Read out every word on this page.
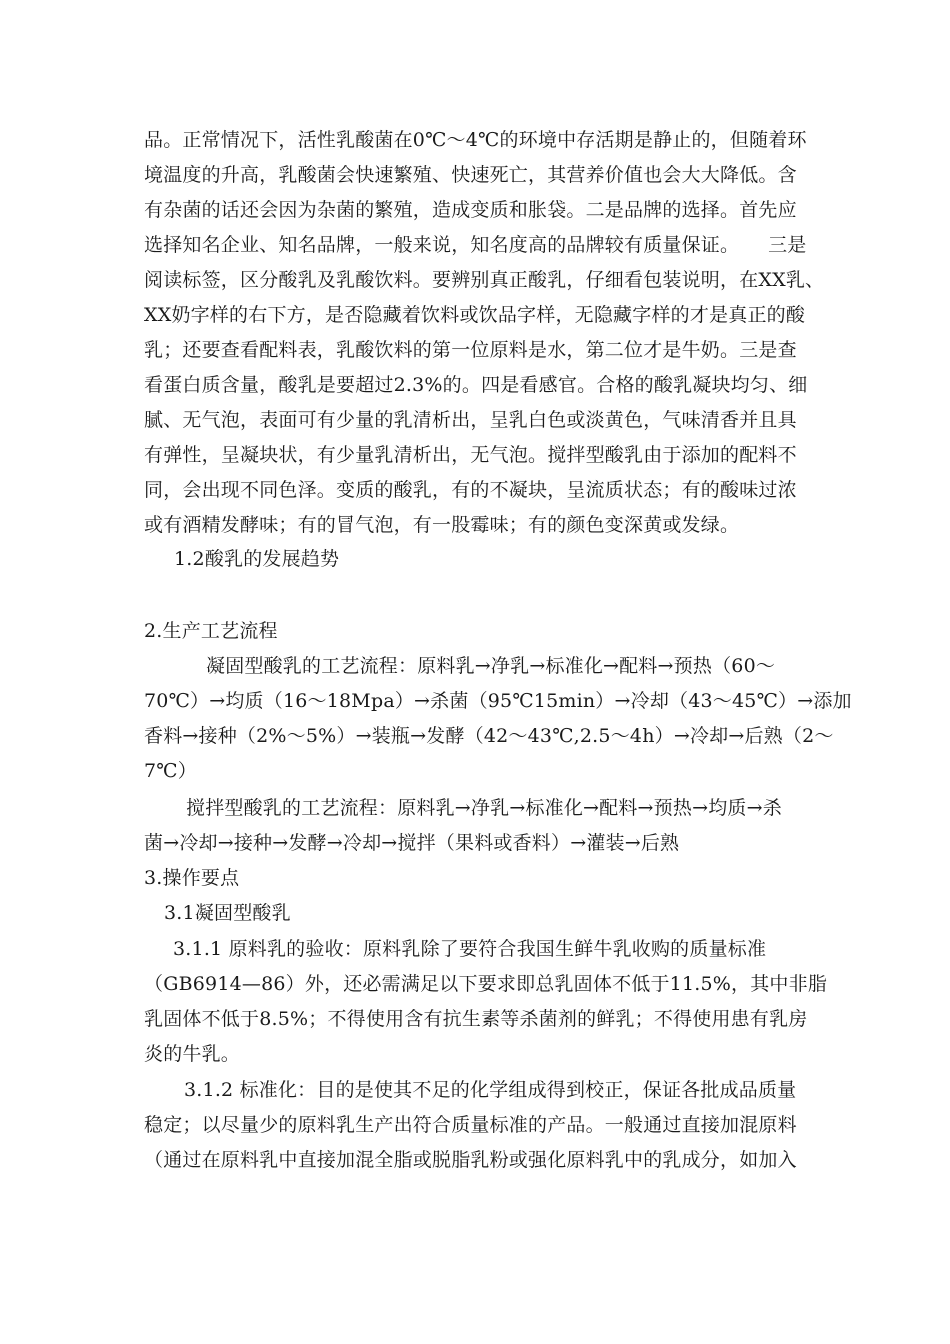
品。正常情况下，活性乳酸菌在0℃～4℃的环境中存活期是静止的，但随着环
境温度的升高，乳酸菌会快速繁殖、快速死亡，其营养价值也会大大降低。含
有杂菌的话还会因为杂菌的繁殖，造成变质和胀袋。二是品牌的选择。首先应
选择知名企业、知名品牌，一般来说，知名度高的品牌较有质量保证。　　三是
阅读标签，区分酸乳及乳酸饮料。要辨别真正酸乳，仔细看包装说明，在XX乳、
XX奶字样的右下方，是否隐藏着饮料或饮品字样，无隐藏字样的才是真正的酸
乳；还要查看配料表，乳酸饮料的第一位原料是水，第二位才是牛奶。三是查
看蛋白质含量，酸乳是要超过2.3%的。四是看感官。合格的酸乳凝块均匀、细
腻、无气泡，表面可有少量的乳清析出，呈乳白色或淡黄色，气味清香并且具
有弹性，呈凝块状，有少量乳清析出，无气泡。搅拌型酸乳由于添加的配料不
同，会出现不同色泽。变质的酸乳，有的不凝块，呈流质状态；有的酸味过浓
或有酒精发酵味；有的冒气泡，有一股霉味；有的颜色变深黄或发绿。
1.2酸乳的发展趋势
2.生产工艺流程
凝固型酸乳的工艺流程：原料乳→净乳→标准化→配料→预热（60～
70℃）→均质（16～18Mpa）→杀菌（95℃15min）→冷却（43～45℃）→添加
香料→接种（2%～5%）→装瓶→发酵（42～43℃,2.5～4h）→冷却→后熟（2～
7℃）
搅拌型酸乳的工艺流程：原料乳→净乳→标准化→配料→预热→均质→杀
菌→冷却→接种→发酵→冷却→搅拌（果料或香料）→灌装→后熟
3.操作要点
3.1凝固型酸乳
3.1.1 原料乳的验收：原料乳除了要符合我国生鲜牛乳收购的质量标准
（GB6914—86）外，还必需满足以下要求即总乳固体不低于11.5%，其中非脂
乳固体不低于8.5%；不得使用含有抗生素等杀菌剂的鲜乳；不得使用患有乳房
炎的牛乳。
3.1.2 标准化：目的是使其不足的化学组成得到校正，保证各批成品质量
稳定；以尽量少的原料乳生产出符合质量标准的产品。一般通过直接加混原料
（通过在原料乳中直接加混全脂或脱脂乳粉或强化原料乳中的乳成分，如加入
